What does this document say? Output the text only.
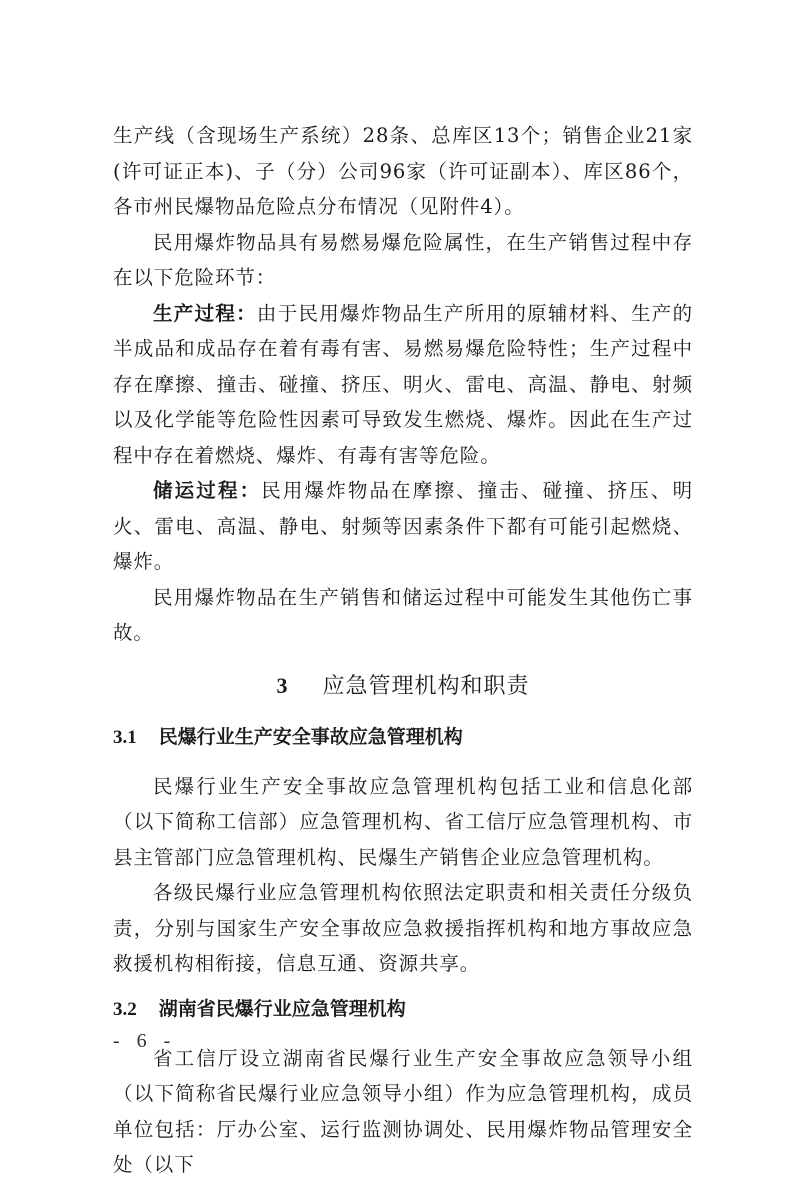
生产线（含现场生产系统）28条、总库区13个；销售企业21家(许可证正本)、子（分）公司96家（许可证副本）、库区86个，各市州民爆物品危险点分布情况（见附件4）。

民用爆炸物品具有易燃易爆危险属性，在生产销售过程中存在以下危险环节：

生产过程：由于民用爆炸物品生产所用的原辅材料、生产的半成品和成品存在着有毒有害、易燃易爆危险特性；生产过程中存在摩擦、撞击、碰撞、挤压、明火、雷电、高温、静电、射频以及化学能等危险性因素可导致发生燃烧、爆炸。因此在生产过程中存在着燃烧、爆炸、有毒有害等危险。

储运过程：民用爆炸物品在摩擦、撞击、碰撞、挤压、明火、雷电、高温、静电、射频等因素条件下都有可能引起燃烧、爆炸。

民用爆炸物品在生产销售和储运过程中可能发生其他伤亡事故。

3 应急管理机构和职责
3.1 民爆行业生产安全事故应急管理机构

民爆行业生产安全事故应急管理机构包括工业和信息化部（以下简称工信部）应急管理机构、省工信厅应急管理机构、市县主管部门应急管理机构、民爆生产销售企业应急管理机构。

各级民爆行业应急管理机构依照法定职责和相关责任分级负责，分别与国家生产安全事故应急救援指挥机构和地方事故应急救援机构相衔接，信息互通、资源共享。

3.2 湖南省民爆行业应急管理机构

省工信厅设立湖南省民爆行业生产安全事故应急领导小组（以下简称省民爆行业应急领导小组）作为应急管理机构，成员单位包括：厅办公室、运行监测协调处、民用爆炸物品管理安全处（以下

- 6 -
